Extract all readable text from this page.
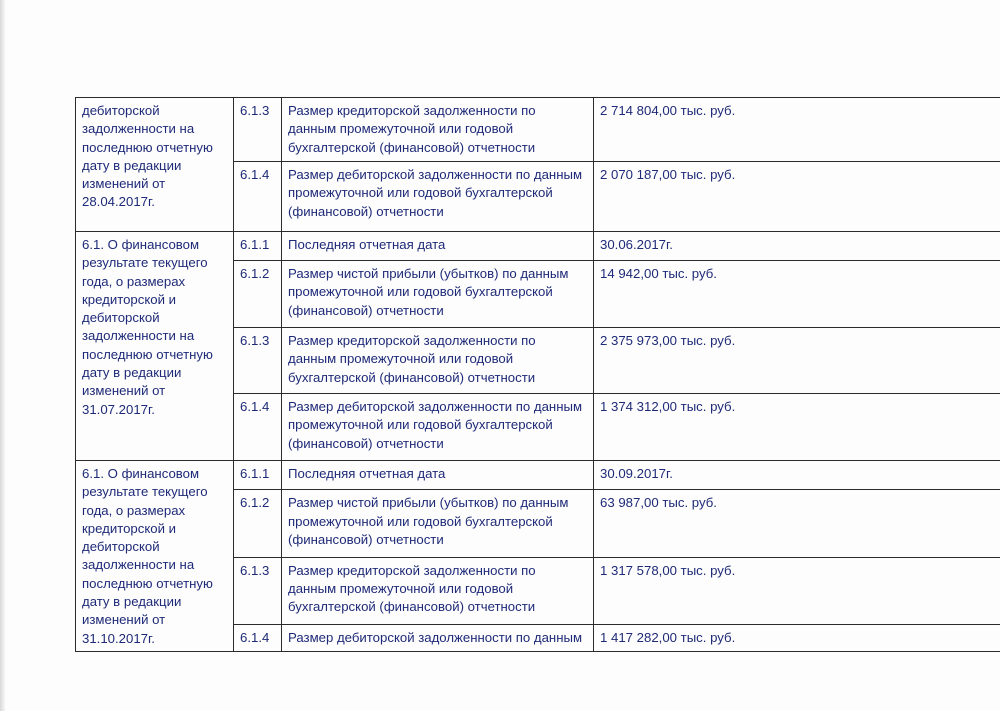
дебиторской задолженности на последнюю отчетную дату в редакции изменений от 28.04.2017г.	6.1.3	Размер кредиторской задолженности по данным промежуточной или годовой бухгалтерской (финансовой) отчетности	2 714 804,00 тыс. руб.
	6.1.4	Размер дебиторской задолженности по данным промежуточной или годовой бухгалтерской (финансовой) отчетности	2 070 187,00 тыс. руб.
6.1. О финансовом результате текущего года, о размерах кредиторской и дебиторской задолженности на последнюю отчетную дату в редакции изменений от 31.07.2017г.	6.1.1	Последняя отчетная дата	30.06.2017г.
	6.1.2	Размер чистой прибыли (убытков) по данным промежуточной или годовой бухгалтерской (финансовой) отчетности	14 942,00 тыс. руб.
	6.1.3	Размер кредиторской задолженности по данным промежуточной или годовой бухгалтерской (финансовой) отчетности	2 375 973,00 тыс. руб.
	6.1.4	Размер дебиторской задолженности по данным промежуточной или годовой бухгалтерской (финансовой) отчетности	1 374 312,00 тыс. руб.
6.1. О финансовом результате текущего года, о размерах кредиторской и дебиторской задолженности на последнюю отчетную дату в редакции изменений от 31.10.2017г.	6.1.1	Последняя отчетная дата	30.09.2017г.
	6.1.2	Размер чистой прибыли (убытков) по данным промежуточной или годовой бухгалтерской (финансовой) отчетности	63 987,00 тыс. руб.
	6.1.3	Размер кредиторской задолженности по данным промежуточной или годовой бухгалтерской (финансовой) отчетности	1 317 578,00 тыс. руб.
	6.1.4	Размер дебиторской задолженности по данным	1 417 282,00 тыс. руб.
